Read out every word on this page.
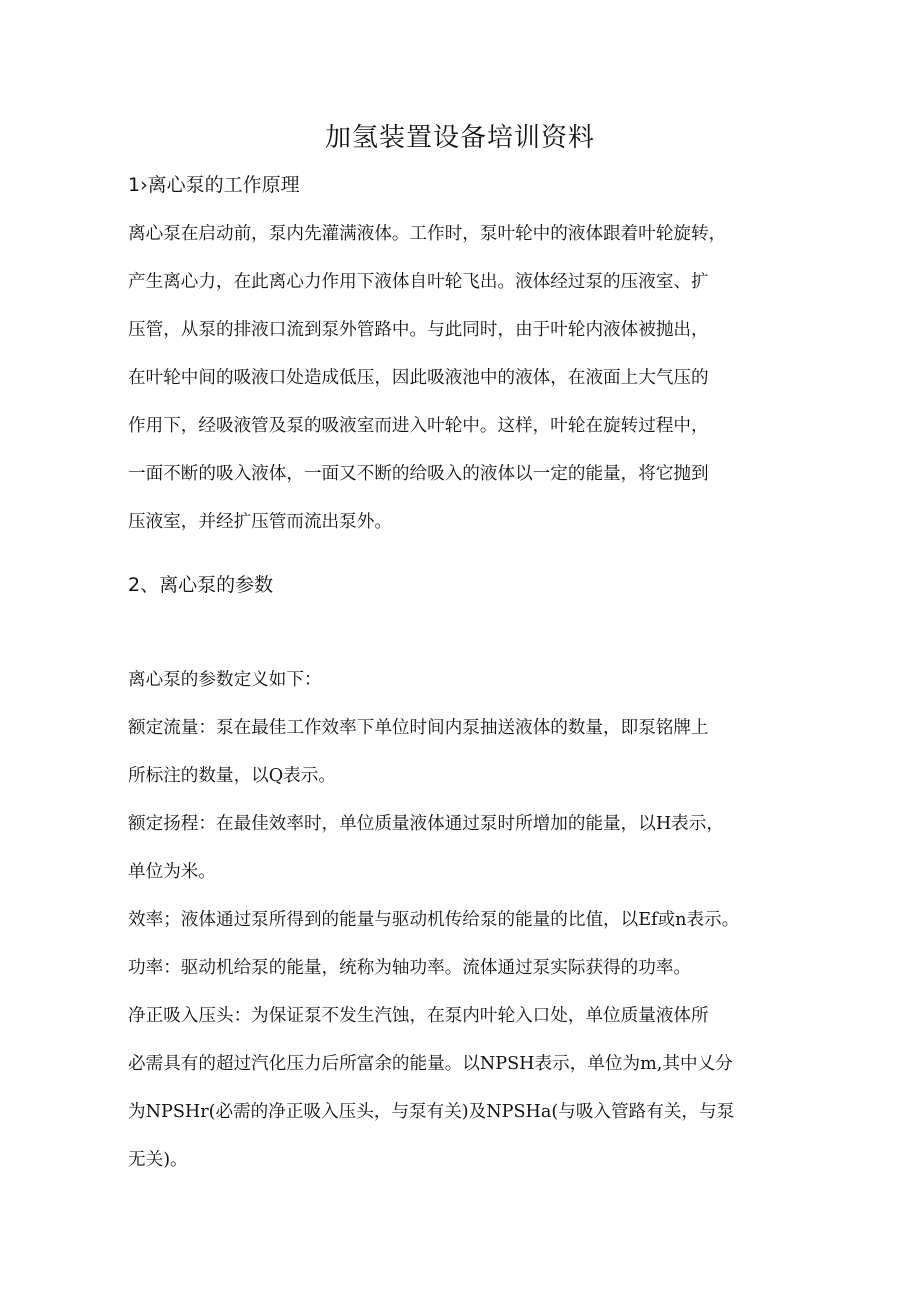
加氢装置设备培训资料
1›离心泵的工作原理

离心泵在启动前，泵内先灌满液体。工作时，泵叶轮中的液体跟着叶轮旋转，

产生离心力，在此离心力作用下液体自叶轮飞出。液体经过泵的压液室、扩

压管，从泵的排液口流到泵外管路中。与此同时，由于叶轮内液体被抛出，

在叶轮中间的吸液口处造成低压，因此吸液池中的液体，在液面上大气压的

作用下，经吸液管及泵的吸液室而进入叶轮中。这样，叶轮在旋转过程中，

一面不断的吸入液体，一面又不断的给吸入的液体以一定的能量，将它抛到

压液室，并经扩压管而流出泵外。

2、离心泵的参数

离心泵的参数定义如下：

额定流量：泵在最佳工作效率下单位时间内泵抽送液体的数量，即泵铭牌上

所标注的数量，以Q表示。

额定扬程：在最佳效率时，单位质量液体通过泵时所增加的能量，以H表示，

单位为米。

效率；液体通过泵所得到的能量与驱动机传给泵的能量的比值，以Ef或n表示。

功率：驱动机给泵的能量，统称为轴功率。流体通过泵实际获得的功率。

净正吸入压头：为保证泵不发生汽蚀，在泵内叶轮入口处，单位质量液体所

必需具有的超过汽化压力后所富余的能量。以NPSH表示，单位为m,其中乂分

为NPSHr(必需的净正吸入压头，与泵有关)及NPSHa(与吸入管路有关，与泵

无关)。
